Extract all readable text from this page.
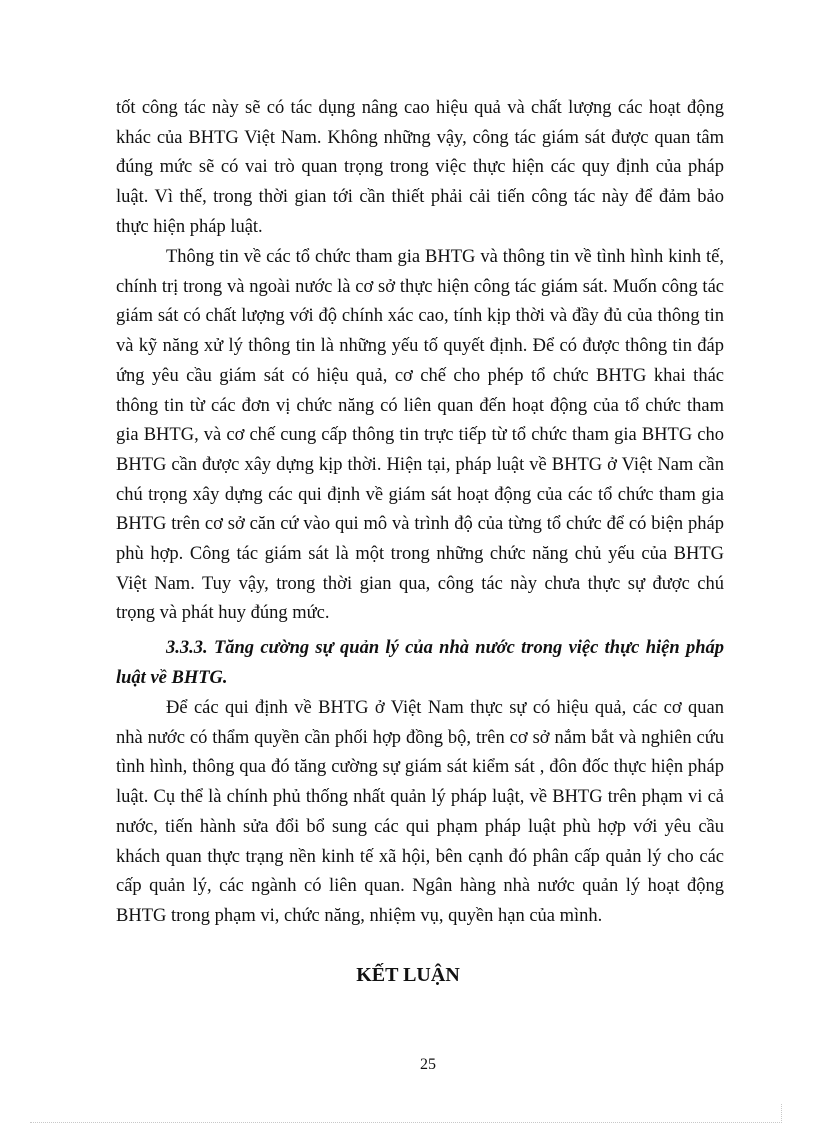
tốt công tác này sẽ có tác dụng nâng cao hiệu quả và chất lượng các hoạt động khác của BHTG Việt Nam. Không những vậy, công tác giám sát được quan tâm đúng mức sẽ có vai trò quan trọng trong việc thực hiện các quy định của pháp luật. Vì thế, trong thời gian tới cần thiết phải cải tiến công tác này để đảm bảo thực hiện pháp luật.

Thông tin về các tổ chức tham gia BHTG và thông tin về tình hình kinh tế, chính trị trong và ngoài nước là cơ sở thực hiện công tác giám sát. Muốn công tác giám sát có chất lượng với độ chính xác cao, tính kịp thời và đầy đủ của thông tin và kỹ năng xử lý thông tin là những yếu tố quyết định. Để có được thông tin đáp ứng yêu cầu giám sát có hiệu quả, cơ chế cho phép tổ chức BHTG khai thác thông tin từ các đơn vị chức năng có liên quan đến hoạt động của tổ chức tham gia BHTG, và cơ chế cung cấp thông tin trực tiếp từ tổ chức tham gia BHTG cho BHTG cần được xây dựng kịp thời. Hiện tại, pháp luật về BHTG ở Việt Nam cần chú trọng xây dựng các qui định về giám sát hoạt động của các tổ chức tham gia BHTG trên cơ sở căn cứ vào qui mô và trình độ của từng tổ chức để có biện pháp phù hợp. Công tác giám sát là một trong những chức năng chủ yếu của BHTG Việt Nam. Tuy vậy, trong thời gian qua, công tác này chưa thực sự được chú trọng và phát huy đúng mức.

3.3.3. Tăng cường sự quản lý của nhà nước trong việc thực hiện pháp luật về BHTG.

Để các qui định về BHTG ở Việt Nam thực sự có hiệu quả, các cơ quan nhà nước có thẩm quyền cần phối hợp đồng bộ, trên cơ sở nắm bắt và nghiên cứu tình hình, thông qua đó tăng cường sự giám sát kiểm sát , đôn đốc thực hiện pháp luật. Cụ thể là chính phủ thống nhất quản lý pháp luật, về BHTG trên phạm vi cả nước, tiến hành sửa đổi bổ sung các qui phạm pháp luật phù hợp với yêu cầu khách quan thực trạng nền kinh tế xã hội, bên cạnh đó phân cấp quản lý cho các cấp quản lý, các ngành có liên quan. Ngân hàng nhà nước quản lý hoạt động BHTG trong phạm vi, chức năng, nhiệm vụ, quyền hạn của mình.

KẾT LUẬN

25
